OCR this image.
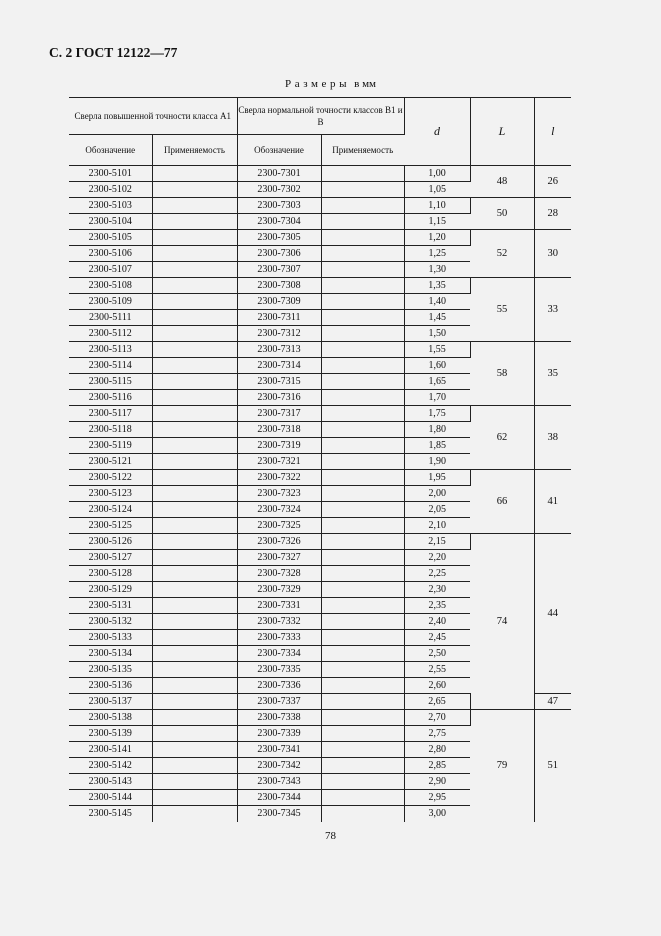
С. 2 ГОСТ 12122—77
Размеры в мм
Сверла повышенной точности класса А1		Сверла нормальной точности классов В1 и В		d	L	l
Обозначение	Применяемость	Обозначение	Применяемость			
2300-5101		2300-7301		1,00	48	26
2300-5102		2300-7302		1,05		
2300-5103		2300-7303		1,10	50	28
2300-5104		2300-7304		1,15		
2300-5105		2300-7305		1,20	52	30
2300-5106		2300-7306		1,25		
2300-5107		2300-7307		1,30		
2300-5108		2300-7308		1,35	55	33
2300-5109		2300-7309		1,40		
2300-5111		2300-7311		1,45		
2300-5112		2300-7312		1,50		
2300-5113		2300-7313		1,55	58	35
2300-5114		2300-7314		1,60		
2300-5115		2300-7315		1,65		
2300-5116		2300-7316		1,70		
2300-5117		2300-7317		1,75	62	38
2300-5118		2300-7318		1,80		
2300-5119		2300-7319		1,85		
2300-5121		2300-7321		1,90		
2300-5122		2300-7322		1,95	66	41
2300-5123		2300-7323		2,00		
2300-5124		2300-7324		2,05		
2300-5125		2300-7325		2,10		
2300-5126		2300-7326		2,15	74	44
2300-5127		2300-7327		2,20		
2300-5128		2300-7328		2,25		
2300-5129		2300-7329		2,30		
2300-5131		2300-7331		2,35		
2300-5132		2300-7332		2,40		
2300-5133		2300-7333		2,45		
2300-5134		2300-7334		2,50		
2300-5135		2300-7335		2,55		
2300-5136		2300-7336		2,60		
2300-5137		2300-7337		2,65		47
2300-5138		2300-7338		2,70	79	51
2300-5139		2300-7339		2,75		
2300-5141		2300-7341		2,80		
2300-5142		2300-7342		2,85		
2300-5143		2300-7343		2,90		
2300-5144		2300-7344		2,95		
2300-5145		2300-7345		3,00		
78
